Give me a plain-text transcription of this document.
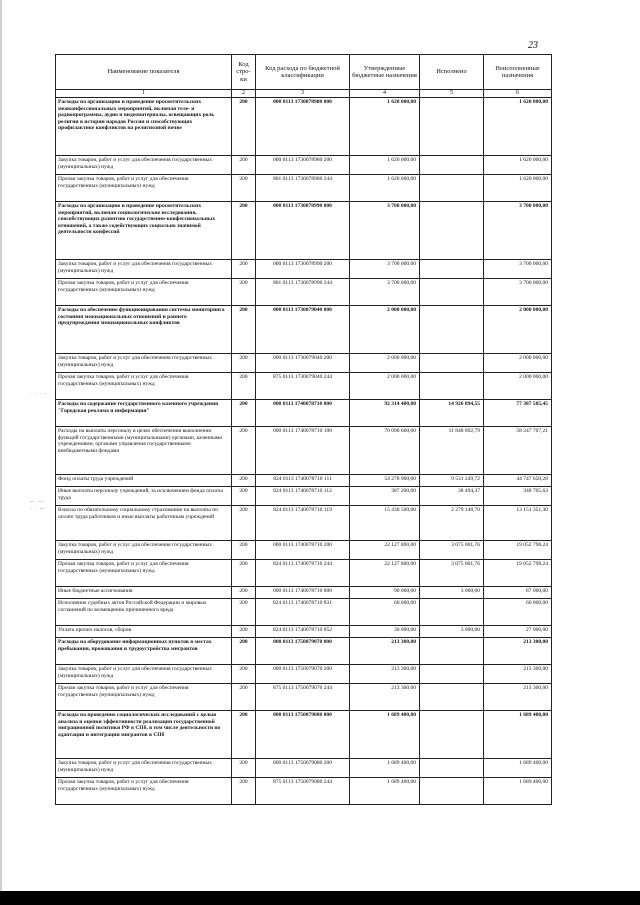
23
· · · · ·
— —
· · —
Наименование показателя	Код стро-ки	Код расхода по бюджетной классификации	Утвержденные бюджетные назначения	Исполнено	Неисполненные назначения
1	2	3	4	5	6
Расходы на организацию и проведение просветительских межконфессиональных мероприятий, включая теле- и радиопрограммы, аудио и видеоматериалы, освещающих роль религии в истории народов России и способствующих профилактике конфликтов на религиозной почве	200	000 0113 1730078980 000	1 620 000,00		1 620 000,00
Закупка товаров, работ и услуг для обеспечения государственных (муниципальных) нужд	200	000 0113 1730078980 200	1 620 000,00		1 620 000,00
Прочая закупка товаров, работ и услуг для обеспечения государственных (муниципальных) нужд	200	801 0113 1730078980 244	1 620 000,00		1 620 000,00
Расходы на организацию и проведение просветительских мероприятий, включая социологические исследования, способствующих развитию государственно-конфессиональных отношений, а также содействующих социально значимой деятельности конфессий	200	000 0113 1730078990 000	3 700 000,00		3 700 000,00
Закупка товаров, работ и услуг для обеспечения государственных (муниципальных) нужд	200	000 0113 1730078990 200	3 700 000,00		3 700 000,00
Прочая закупка товаров, работ и услуг для обеспечения государственных (муниципальных) нужд	200	801 0113 1730078990 244	3 700 000,00		3 700 000,00
Расходы на обеспечение функционирования системы мониторинга состояния межнациональных отношений и раннего предупреждения межнациональных конфликтов	200	000 0113 1730079040 000	2 000 000,00		2 000 000,00
Закупка товаров, работ и услуг для обеспечения государственных (муниципальных) нужд	200	000 0113 1730079040 200	2 000 000,00		2 000 000,00
Прочая закупка товаров, работ и услуг для обеспечения государственных (муниципальных) нужд	200	875 0113 1730079040 244	2 000 000,00		2 000 000,00
Расходы на содержание государственного казенного учреждения "Городская реклама и информация"	200	000 0113 1740078710 000	92 314 400,00	14 926 894,55	77 387 505,45
Расходы на выплаты персоналу в целях обеспечения выполнения функций государственными (муниципальными) органами, казенными учреждениями, органами управления государственными внебюджетными фондами	200	000 0113 1740078710 100	70 096 600,00	11 848 892,79	58 247 707,21
Фонд оплаты труда учреждений	200	824 0113 1740078710 111	54 278 900,00	9 531 249,72	44 747 650,28
Иные выплаты персоналу учреждений, за исключением фонда оплаты труда	200	824 0113 1740078710 112	387 200,00	38 494,37	348 705,63
Взносы по обязательному социальному страхованию на выплаты по оплате труда работников и иные выплаты работникам учреждений	200	824 0113 1740078710 119	15 430 500,00	2 279 148,70	13 151 351,30
Закупка товаров, работ и услуг для обеспечения государственных (муниципальных) нужд	200	000 0113 1740078710 200	22 127 800,00	3 075 001,76	19 052 798,24
Прочая закупка товаров, работ и услуг для обеспечения государственных (муниципальных) нужд	200	824 0113 1740078710 244	22 127 800,00	3 075 001,76	19 052 798,24
Иные бюджетные ассигнования	200	000 0113 1740078710 800	90 000,00	3 000,00	87 000,00
Исполнение судебных актов Российской Федерации и мировых соглашений по возмещению причиненного вреда	200	824 0113 1740078710 831	60 000,00		60 000,00
Уплата прочих налогов, сборов	200	824 0113 1740078710 852	30 000,00	3 000,00	27 000,00
Расходы на оборудование информационных пунктов в местах пребывания, проживания и трудоустройства мигрантов	200	000 0113 1750079070 000	213 300,00		213 300,00
Закупка товаров, работ и услуг для обеспечения государственных (муниципальных) нужд	200	000 0113 1750079070 200	213 300,00		213 300,00
Прочая закупка товаров, работ и услуг для обеспечения государственных (муниципальных) нужд	200	875 0113 1750079070 244	213 300,00		213 300,00
Расходы на проведение социологических исследований с целью анализа и оценки эффективности реализации государственной миграционной политики РФ в СПб, в том числе деятельности по адаптации и интеграции мигрантов в СПб	200	000 0113 1750079080 000	1 689 400,00		1 689 400,00
Закупка товаров, работ и услуг для обеспечения государственных (муниципальных) нужд	200	000 0113 1750079080 200	1 689 400,00		1 689 400,00
Прочая закупка товаров, работ и услуг для обеспечения государственных (муниципальных) нужд	200	875 0113 1750079080 244	1 689 400,00		1 689 400,00
